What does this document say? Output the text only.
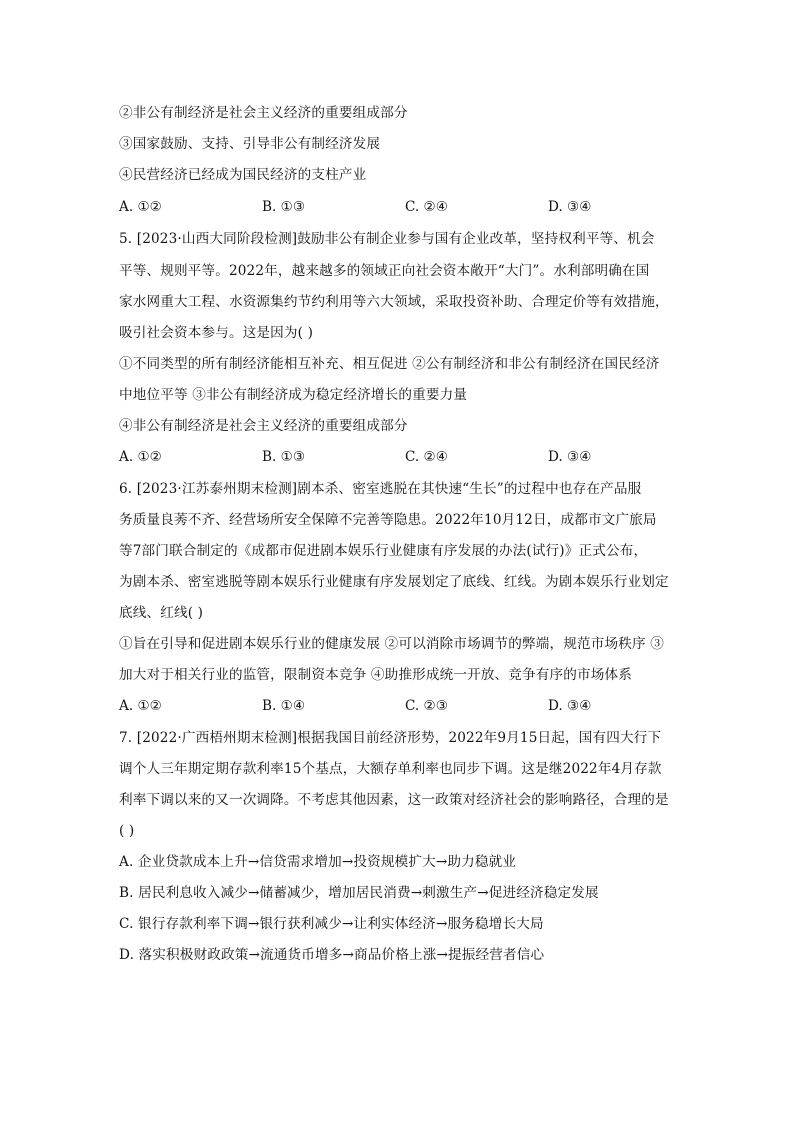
②非公有制经济是社会主义经济的重要组成部分
③国家鼓励、支持、引导非公有制经济发展
④民营经济已经成为国民经济的支柱产业
A. ①②	B. ①③	C. ②④	D. ③④
5. [2023·山西大同阶段检测]鼓励非公有制企业参与国有企业改革，坚持权利平等、机会
平等、规则平等。2022年，越来越多的领域正向社会资本敞开“大门”。水利部明确在国
家水网重大工程、水资源集约节约利用等六大领域，采取投资补助、合理定价等有效措施，
吸引社会资本参与。这是因为( )
①不同类型的所有制经济能相互补充、相互促进 ②公有制经济和非公有制经济在国民经济
中地位平等 ③非公有制经济成为稳定经济增长的重要力量
④非公有制经济是社会主义经济的重要组成部分
A. ①②	B. ①③	C. ②④	D. ③④
6. [2023·江苏泰州期末检测]剧本杀、密室逃脱在其快速“生长”的过程中也存在产品服
务质量良莠不齐、经营场所安全保障不完善等隐患。2022年10月12日，成都市文广旅局
等7部门联合制定的《成都市促进剧本娱乐行业健康有序发展的办法(试行)》正式公布，
为剧本杀、密室逃脱等剧本娱乐行业健康有序发展划定了底线、红线。为剧本娱乐行业划定
底线、红线( )
①旨在引导和促进剧本娱乐行业的健康发展 ②可以消除市场调节的弊端，规范市场秩序 ③
加大对于相关行业的监管，限制资本竞争 ④助推形成统一开放、竞争有序的市场体系
A. ①②	B. ①④	C. ②③	D. ③④
7. [2022·广西梧州期末检测]根据我国目前经济形势，2022年9月15日起，国有四大行下
调个人三年期定期存款利率15个基点，大额存单利率也同步下调。这是继2022年4月存款
利率下调以来的又一次调降。不考虑其他因素，这一政策对经济社会的影响路径，合理的是
( )
A. 企业贷款成本上升→信贷需求增加→投资规模扩大→助力稳就业
B. 居民利息收入减少→储蓄减少，增加居民消费→刺激生产→促进经济稳定发展
C. 银行存款利率下调→银行获利减少→让利实体经济→服务稳增长大局
D. 落实积极财政政策→流通货币增多→商品价格上涨→提振经营者信心
